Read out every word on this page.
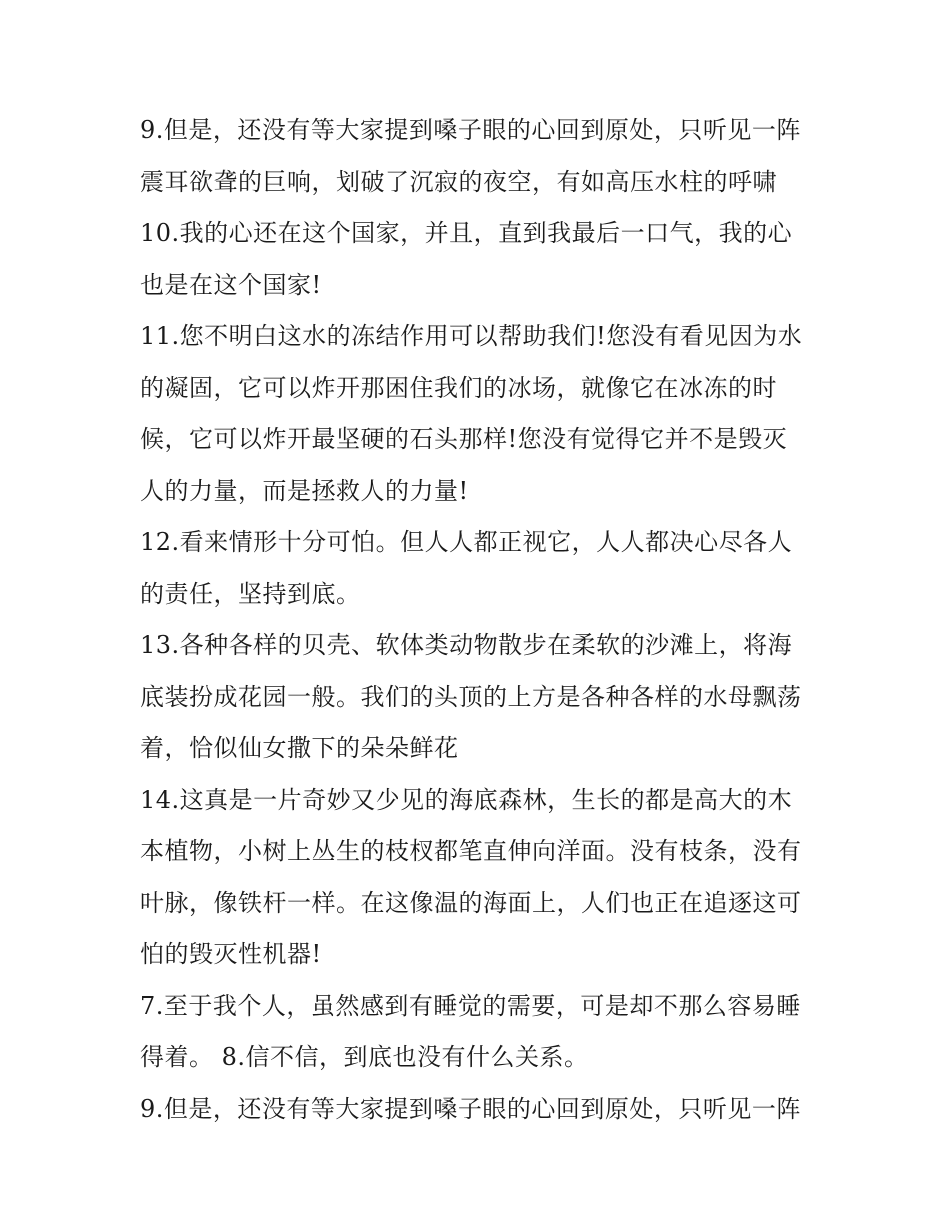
9.但是，还没有等大家提到嗓子眼的心回到原处，只听见一阵
震耳欲聋的巨响，划破了沉寂的夜空，有如高压水柱的呼啸
10.我的心还在这个国家，并且，直到我最后一口气，我的心
也是在这个国家!
11.您不明白这水的冻结作用可以帮助我们!您没有看见因为水
的凝固，它可以炸开那困住我们的冰场，就像它在冰冻的时
候，它可以炸开最坚硬的石头那样!您没有觉得它并不是毁灭
人的力量，而是拯救人的力量!
12.看来情形十分可怕。但人人都正视它，人人都决心尽各人
的责任，坚持到底。
13.各种各样的贝壳、软体类动物散步在柔软的沙滩上，将海
底装扮成花园一般。我们的头顶的上方是各种各样的水母飘荡
着，恰似仙女撒下的朵朵鲜花
14.这真是一片奇妙又少见的海底森林，生长的都是高大的木
本植物，小树上丛生的枝杈都笔直伸向洋面。没有枝条，没有
叶脉，像铁杆一样。在这像温的海面上，人们也正在追逐这可
怕的毁灭性机器!
7.至于我个人，虽然感到有睡觉的需要，可是却不那么容易睡
得着。 8.信不信，到底也没有什么关系。
9.但是，还没有等大家提到嗓子眼的心回到原处，只听见一阵
